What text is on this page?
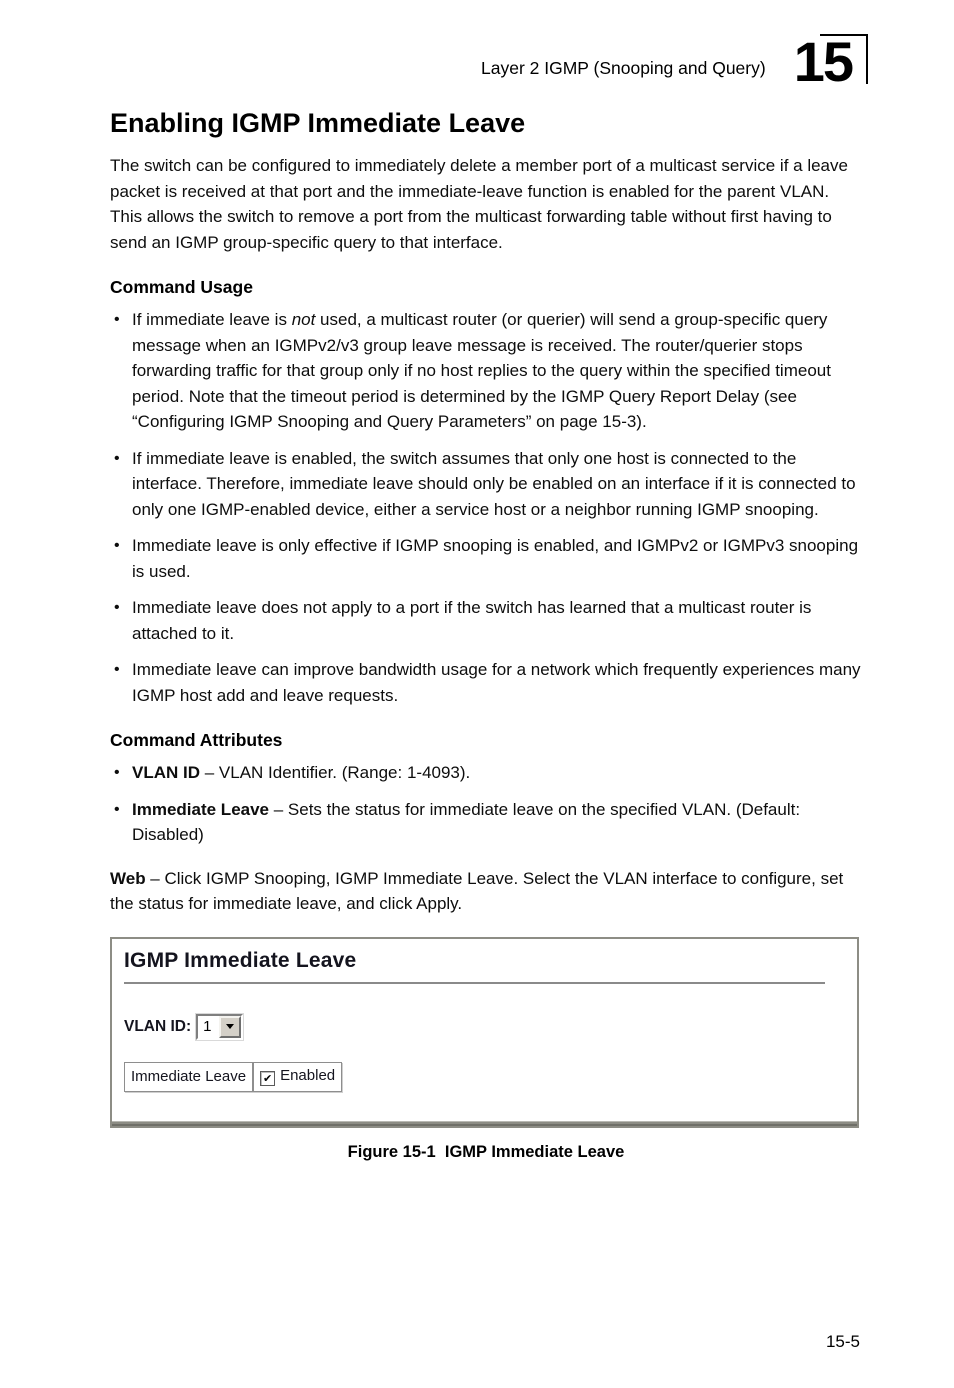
Layer 2 IGMP (Snooping and Query) 15
Enabling IGMP Immediate Leave

The switch can be configured to immediately delete a member port of a multicast service if a leave packet is received at that port and the immediate-leave function is enabled for the parent VLAN. This allows the switch to remove a port from the multicast forwarding table without first having to send an IGMP group-specific query to that interface.

Command Usage
• If immediate leave is not used, a multicast router (or querier) will send a group-specific query message when an IGMPv2/v3 group leave message is received. The router/querier stops forwarding traffic for that group only if no host replies to the query within the specified timeout period. Note that the timeout period is determined by the IGMP Query Report Delay (see “Configuring IGMP Snooping and Query Parameters” on page 15-3).
• If immediate leave is enabled, the switch assumes that only one host is connected to the interface. Therefore, immediate leave should only be enabled on an interface if it is connected to only one IGMP-enabled device, either a service host or a neighbor running IGMP snooping.
• Immediate leave is only effective if IGMP snooping is enabled, and IGMPv2 or IGMPv3 snooping is used.
• Immediate leave does not apply to a port if the switch has learned that a multicast router is attached to it.
• Immediate leave can improve bandwidth usage for a network which frequently experiences many IGMP host add and leave requests.
Command Attributes
• VLAN ID – VLAN Identifier. (Range: 1-4093).
• Immediate Leave – Sets the status for immediate leave on the specified VLAN. (Default: Disabled)

Web – Click IGMP Snooping, IGMP Immediate Leave. Select the VLAN interface to configure, set the status for immediate leave, and click Apply.

IGMP Immediate Leave
VLAN ID: 1
Immediate Leave	✔ Enabled
Figure 15-1  IGMP Immediate Leave
15-5
